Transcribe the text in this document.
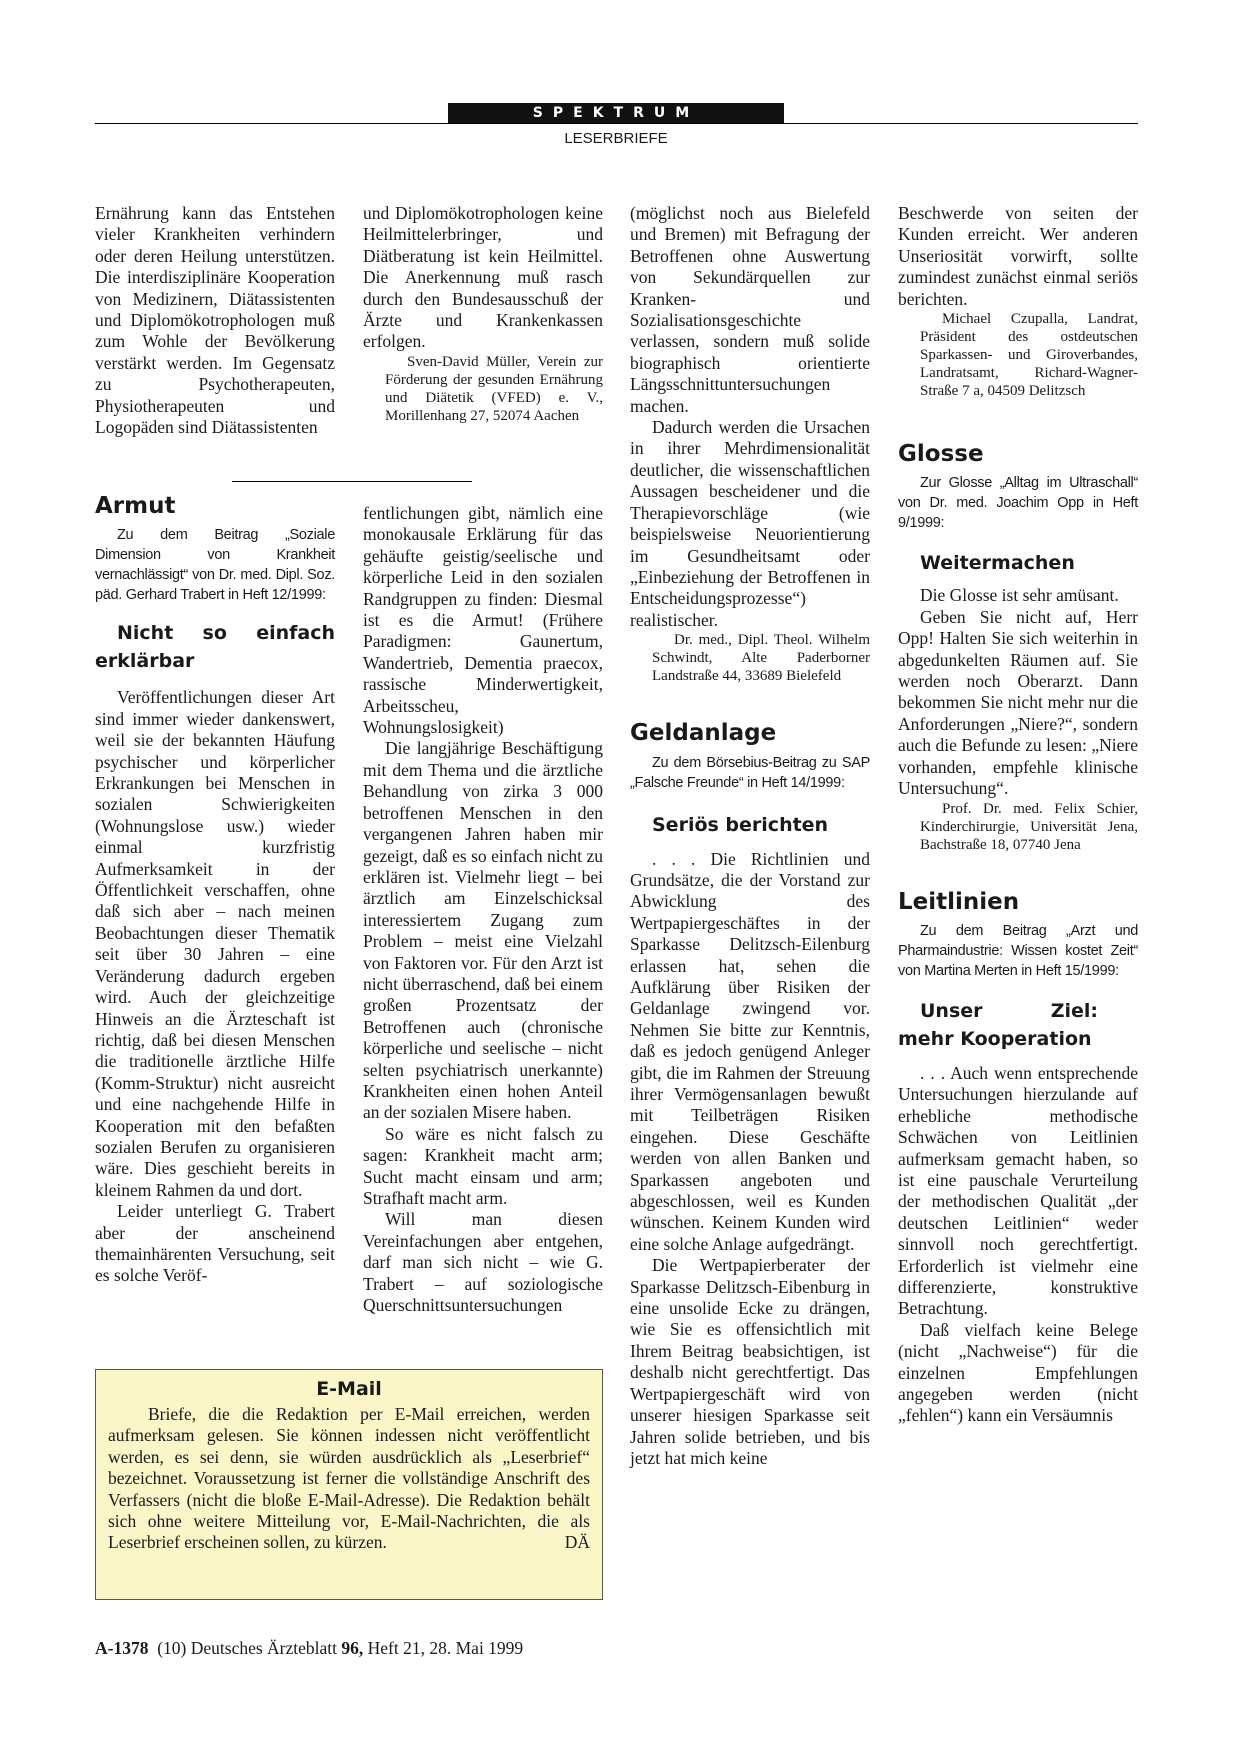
SPEKTRUM
LESERBRIEFE

Ernährung kann das Entstehen vieler Krankheiten verhindern oder deren Heilung unterstützen. Die interdisziplinäre Kooperation von Medizinern, Diätassistenten und Diplomökotrophologen muß zum Wohle der Bevölkerung verstärkt werden. Im Gegensatz zu Psychotherapeuten, Physiotherapeuten und Logopäden sind Diätassistenten

und Diplomökotrophologen keine Heilmittelerbringer, und Diätberatung ist kein Heilmittel. Die Anerkennung muß rasch durch den Bundesausschuß der Ärzte und Krankenkassen erfolgen.

Sven-David Müller, Verein zur Förderung der gesunden Ernährung und Diätetik (VFED) e. V., Morillenhang 27, 52074 Aachen

Armut

Zu dem Beitrag „Soziale Dimension von Krankheit vernachlässigt“ von Dr. med. Dipl. Soz. päd. Gerhard Trabert in Heft 12/1999:

Nicht so einfach erklärbar

Veröffentlichungen dieser Art sind immer wieder dankenswert, weil sie der bekannten Häufung psychischer und körperlicher Erkrankungen bei Menschen in sozialen Schwierigkeiten (Wohnungslose usw.) wieder einmal kurzfristig Aufmerksamkeit in der Öffentlichkeit verschaffen, ohne daß sich aber – nach meinen Beobachtungen dieser Thematik seit über 30 Jahren – eine Veränderung dadurch ergeben wird. Auch der gleichzeitige Hinweis an die Ärzteschaft ist richtig, daß bei diesen Menschen die traditionelle ärztliche Hilfe (Komm-Struktur) nicht ausreicht und eine nachgehende Hilfe in Kooperation mit den befaßten sozialen Berufen zu organisieren wäre. Dies geschieht bereits in kleinem Rahmen da und dort.

Leider unterliegt G. Trabert aber der anscheinend themainhärenten Versuchung, seit es solche Veröf-

fentlichungen gibt, nämlich eine monokausale Erklärung für das gehäufte geistig/seelische und körperliche Leid in den sozialen Randgruppen zu finden: Diesmal ist es die Armut! (Frühere Paradigmen: Gaunertum, Wandertrieb, Dementia praecox, rassische Minderwertigkeit, Arbeitsscheu, Wohnungslosigkeit)

Die langjährige Beschäftigung mit dem Thema und die ärztliche Behandlung von zirka 3 000 betroffenen Menschen in den vergangenen Jahren haben mir gezeigt, daß es so einfach nicht zu erklären ist. Vielmehr liegt – bei ärztlich am Einzelschicksal interessiertem Zugang zum Problem – meist eine Vielzahl von Faktoren vor. Für den Arzt ist nicht überraschend, daß bei einem großen Prozentsatz der Betroffenen auch (chronische körperliche und seelische – nicht selten psychiatrisch unerkannte) Krankheiten einen hohen Anteil an der sozialen Misere haben.

So wäre es nicht falsch zu sagen: Krankheit macht arm; Sucht macht einsam und arm; Strafhaft macht arm.

Will man diesen Vereinfachungen aber entgehen, darf man sich nicht – wie G. Trabert – auf soziologische Querschnittsuntersuchungen

(möglichst noch aus Bielefeld und Bremen) mit Befragung der Betroffenen ohne Auswertung von Sekundärquellen zur Kranken- und Sozialisationsgeschichte verlassen, sondern muß solide biographisch orientierte Längsschnittuntersuchungen machen.

Dadurch werden die Ursachen in ihrer Mehrdimensionalität deutlicher, die wissenschaftlichen Aussagen bescheidener und die Therapievorschläge (wie beispielsweise Neuorientierung im Gesundheitsamt oder „Einbeziehung der Betroffenen in Entscheidungsprozesse“) realistischer.

Dr. med., Dipl. Theol. Wilhelm Schwindt, Alte Paderborner Landstraße 44, 33689 Bielefeld

Geldanlage

Zu dem Börsebius-Beitrag zu SAP „Falsche Freunde“ in Heft 14/1999:

Seriös berichten

. . . Die Richtlinien und Grundsätze, die der Vorstand zur Abwicklung des Wertpapiergeschäftes in der Sparkasse Delitzsch-Eilenburg erlassen hat, sehen die Aufklärung über Risiken der Geldanlage zwingend vor. Nehmen Sie bitte zur Kenntnis, daß es jedoch genügend Anleger gibt, die im Rahmen der Streuung ihrer Vermögensanlagen bewußt mit Teilbeträgen Risiken eingehen. Diese Geschäfte werden von allen Banken und Sparkassen angeboten und abgeschlossen, weil es Kunden wünschen. Keinem Kunden wird eine solche Anlage aufgedrängt.

Die Wertpapierberater der Sparkasse Delitzsch-Eibenburg in eine unsolide Ecke zu drängen, wie Sie es offensichtlich mit Ihrem Beitrag beabsichtigen, ist deshalb nicht gerechtfertigt. Das Wertpapiergeschäft wird von unserer hiesigen Sparkasse seit Jahren solide betrieben, und bis jetzt hat mich keine

Beschwerde von seiten der Kunden erreicht. Wer anderen Unseriosität vorwirft, sollte zumindest zunächst einmal seriös berichten.

Michael Czupalla, Landrat, Präsident des ostdeutschen Sparkassen- und Giroverbandes, Landratsamt, Richard-Wagner-Straße 7 a, 04509 Delitzsch

Glosse

Zur Glosse „Alltag im Ultraschall“ von Dr. med. Joachim Opp in Heft 9/1999:

Weitermachen

Die Glosse ist sehr amüsant.

Geben Sie nicht auf, Herr Opp! Halten Sie sich weiterhin in abgedunkelten Räumen auf. Sie werden noch Oberarzt. Dann bekommen Sie nicht mehr nur die Anforderungen „Niere?“, sondern auch die Befunde zu lesen: „Niere vorhanden, empfehle klinische Untersuchung“.

Prof. Dr. med. Felix Schier, Kinderchirurgie, Universität Jena, Bachstraße 18, 07740 Jena

Leitlinien

Zu dem Beitrag „Arzt und Pharmaindustrie: Wissen kostet Zeit“ von Martina Merten in Heft 15/1999:

Unser Ziel: mehr Kooperation

. . . Auch wenn entsprechende Untersuchungen hierzulande auf erhebliche methodische Schwächen von Leitlinien aufmerksam gemacht haben, so ist eine pauschale Verurteilung der methodischen Qualität „der deutschen Leitlinien“ weder sinnvoll noch gerechtfertigt. Erforderlich ist vielmehr eine differenzierte, konstruktive Betrachtung.

Daß vielfach keine Belege (nicht „Nachweise“) für die einzelnen Empfehlungen angegeben werden (nicht „fehlen“) kann ein Versäumnis

E-Mail

Briefe, die die Redaktion per E-Mail erreichen, werden aufmerksam gelesen. Sie können indessen nicht veröffentlicht werden, es sei denn, sie würden ausdrücklich als „Leserbrief“ bezeichnet. Voraussetzung ist ferner die vollständige Anschrift des Verfassers (nicht die bloße E-Mail-Adresse). Die Redaktion behält sich ohne weitere Mitteilung vor, E-Mail-Nachrichten, die als Leserbrief erscheinen sollen, zu kürzen.	DÄ

A-1378 (10) Deutsches Ärzteblatt 96, Heft 21, 28. Mai 1999
